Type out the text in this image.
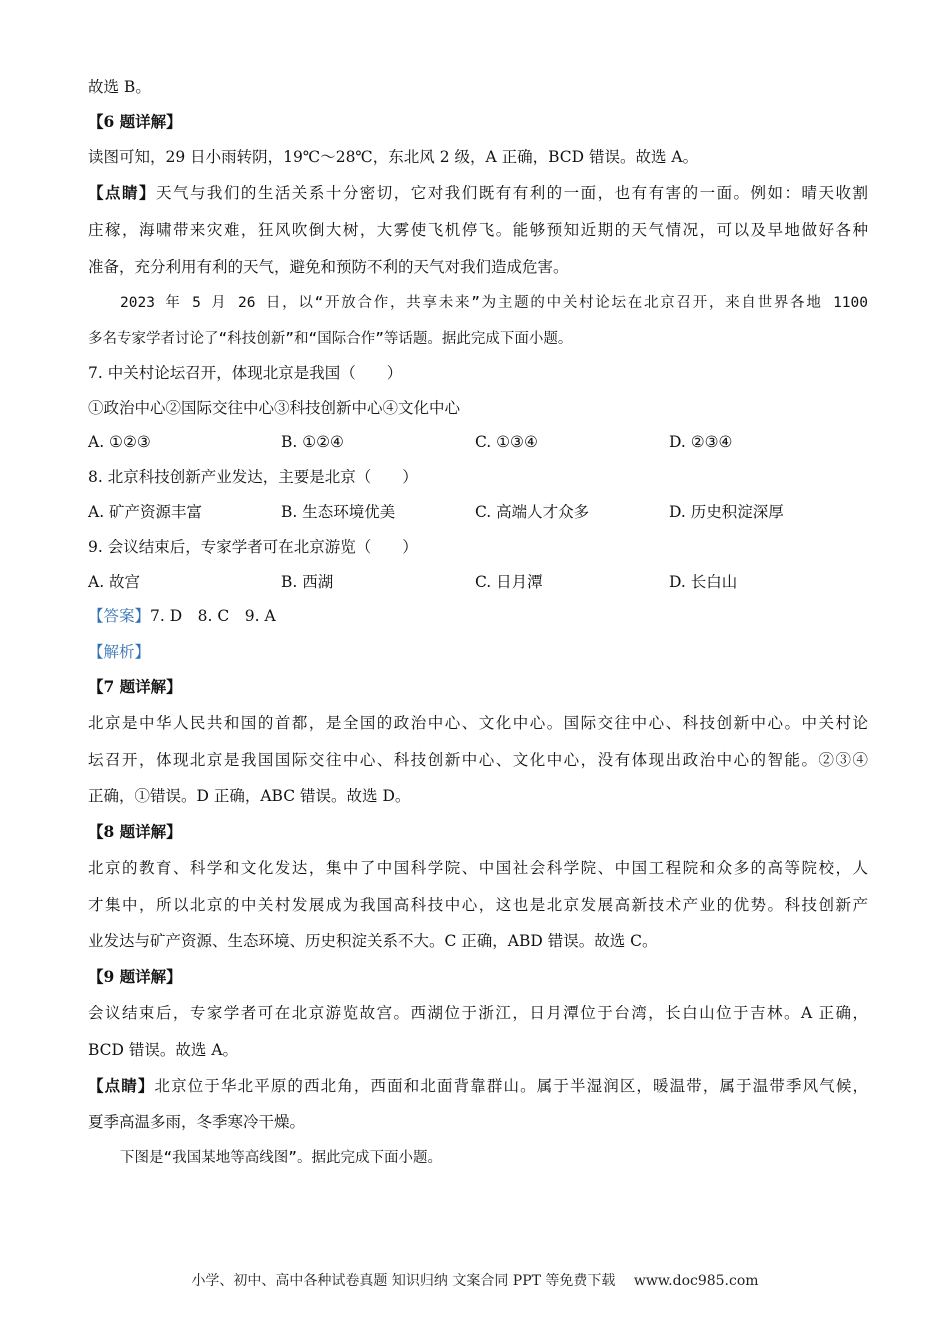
故选 B。
【6 题详解】
读图可知，29 日小雨转阴，19℃～28℃，东北风 2 级，A 正确，BCD 错误。故选 A。
【点睛】天气与我们的生活关系十分密切，它对我们既有有利的一面，也有有害的一面。例如：晴天收割
庄稼，海啸带来灾难，狂风吹倒大树，大雾使飞机停飞。能够预知近期的天气情况，可以及早地做好各种
准备，充分利用有利的天气，避免和预防不利的天气对我们造成危害。
2023 年 5 月 26 日，以“开放合作，共享未来”为主题的中关村论坛在北京召开，来自世界各地 1100
多名专家学者讨论了“科技创新”和“国际合作”等话题。据此完成下面小题。
7. 中关村论坛召开，体现北京是我国（　　）
①政治中心②国际交往中心③科技创新中心④文化中心
A. ①②③	B. ①②④	C. ①③④	D. ②③④
8. 北京科技创新产业发达，主要是北京（　　）
A. 矿产资源丰富	B. 生态环境优美	C. 高端人才众多	D. 历史积淀深厚
9. 会议结束后，专家学者可在北京游览（　　）
A. 故宫	B. 西湖	C. 日月潭	D. 长白山
【答案】7. D　8. C　9. A
【解析】
【7 题详解】
北京是中华人民共和国的首都，是全国的政治中心、文化中心。国际交往中心、科技创新中心。中关村论
坛召开，体现北京是我国国际交往中心、科技创新中心、文化中心，没有体现出政治中心的智能。②③④
正确，①错误。D 正确，ABC 错误。故选 D。
【8 题详解】
北京的教育、科学和文化发达，集中了中国科学院、中国社会科学院、中国工程院和众多的高等院校，人
才集中，所以北京的中关村发展成为我国高科技中心，这也是北京发展高新技术产业的优势。科技创新产
业发达与矿产资源、生态环境、历史积淀关系不大。C 正确，ABD 错误。故选 C。
【9 题详解】
会议结束后，专家学者可在北京游览故宫。西湖位于浙江，日月潭位于台湾，长白山位于吉林。A 正确，
BCD 错误。故选 A。
【点睛】北京位于华北平原的西北角，西面和北面背靠群山。属于半湿润区，暖温带，属于温带季风气候，
夏季高温多雨，冬季寒冷干燥。
下图是“我国某地等高线图”。据此完成下面小题。
小学、初中、高中各种试卷真题 知识归纳 文案合同 PPT 等免费下载　 www.doc985.com
